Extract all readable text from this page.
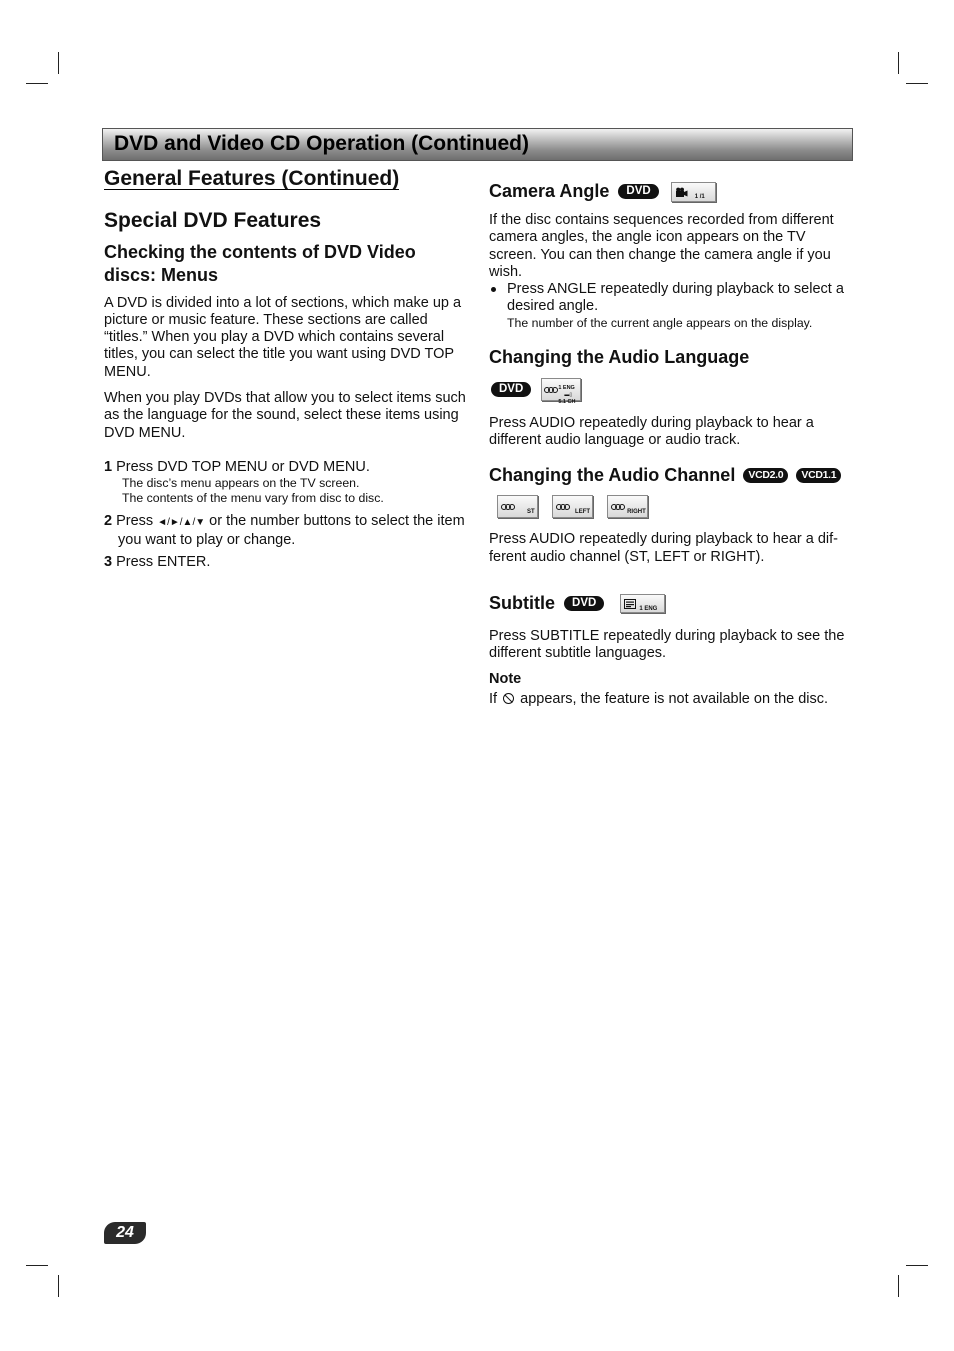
DVD and Video CD Operation (Continued)
General Features (Continued)
Special DVD Features
Checking the contents of DVD Video discs: Menus

A DVD is divided into a lot of sections, which make up a picture or music feature. These sections are called “titles.” When you play a DVD which contains several titles, you can select the title you want using DVD TOP MENU.

When you play DVDs that allow you to select items such as the language for the sound, select these items using DVD MENU.

1 Press DVD TOP MENU or DVD MENU.
The disc’s menu appears on the TV screen.
The contents of the menu vary from disc to disc.
2 Press ◄/►/▲/▼ or the number buttons to select the item you want to play or change.
3 Press ENTER.
Camera Angle DVD	1 /1

If the disc contains sequences recorded from different camera angles, the angle icon appears on the TV screen. You can then change the camera angle if you wish.

Press ANGLE repeatedly during playback to select a desired angle.

The number of the current angle appears on the display.

Changing the Audio Language
DVD	1 ENG
▬▯
5.1 CH

Press AUDIO repeatedly during playback to hear a different audio language or audio track.

Changing the Audio Channel VCD2.0 VCD1.1
ST
	LEFT
	RIGHT

Press AUDIO repeatedly during playback to hear a dif- ferent audio channel (ST, LEFT or RIGHT).

Subtitle DVD	1 ENG

Press SUBTITLE repeatedly during playback to see the different subtitle languages.

Note

If appears, the feature is not available on the disc.

24
